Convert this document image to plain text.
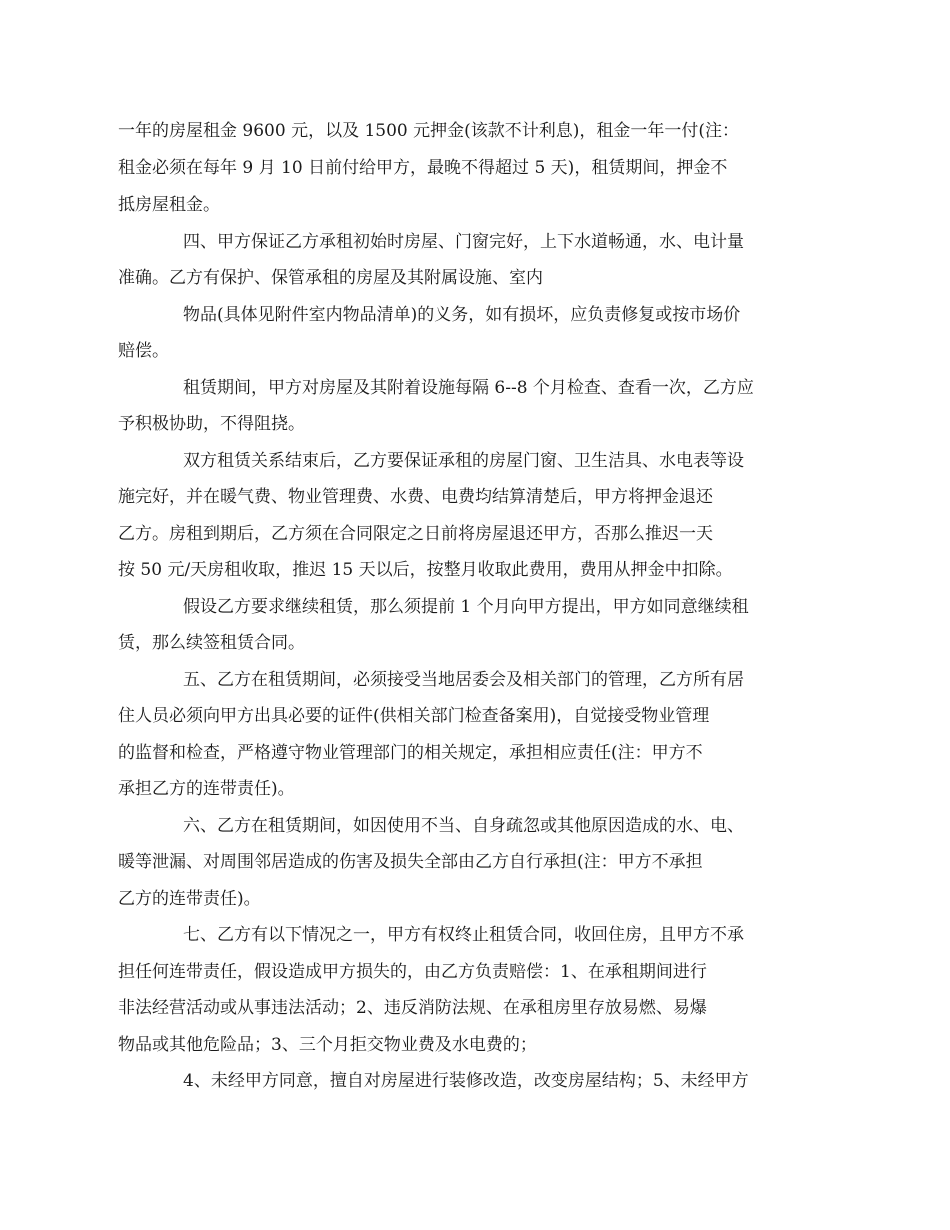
一年的房屋租金 9600 元，以及 1500 元押金(该款不计利息)，租金一年一付(注：
租金必须在每年 9 月 10 日前付给甲方，最晚不得超过 5 天)，租赁期间，押金不
抵房屋租金。
四、甲方保证乙方承租初始时房屋、门窗完好，上下水道畅通，水、电计量
准确。乙方有保护、保管承租的房屋及其附属设施、室内
物品(具体见附件室内物品清单)的义务，如有损坏，应负责修复或按市场价
赔偿。
租赁期间，甲方对房屋及其附着设施每隔 6--8 个月检查、查看一次，乙方应
予积极协助，不得阻挠。
双方租赁关系结束后，乙方要保证承租的房屋门窗、卫生洁具、水电表等设
施完好，并在暖气费、物业管理费、水费、电费均结算清楚后，甲方将押金退还
乙方。房租到期后，乙方须在合同限定之日前将房屋退还甲方，否那么推迟一天
按 50 元/天房租收取，推迟 15 天以后，按整月收取此费用，费用从押金中扣除。
假设乙方要求继续租赁，那么须提前 1 个月向甲方提出，甲方如同意继续租
赁，那么续签租赁合同。
五、乙方在租赁期间，必须接受当地居委会及相关部门的管理，乙方所有居
住人员必须向甲方出具必要的证件(供相关部门检查备案用)，自觉接受物业管理
的监督和检查，严格遵守物业管理部门的相关规定，承担相应责任(注：甲方不
承担乙方的连带责任)。
六、乙方在租赁期间，如因使用不当、自身疏忽或其他原因造成的水、电、
暖等泄漏、对周围邻居造成的伤害及损失全部由乙方自行承担(注：甲方不承担
乙方的连带责任)。
七、乙方有以下情况之一，甲方有权终止租赁合同，收回住房，且甲方不承
担任何连带责任，假设造成甲方损失的，由乙方负责赔偿：1、在承租期间进行
非法经营活动或从事违法活动；2、违反消防法规、在承租房里存放易燃、易爆
物品或其他危险品；3、三个月拒交物业费及水电费的；
4、未经甲方同意，擅自对房屋进行装修改造，改变房屋结构；5、未经甲方
